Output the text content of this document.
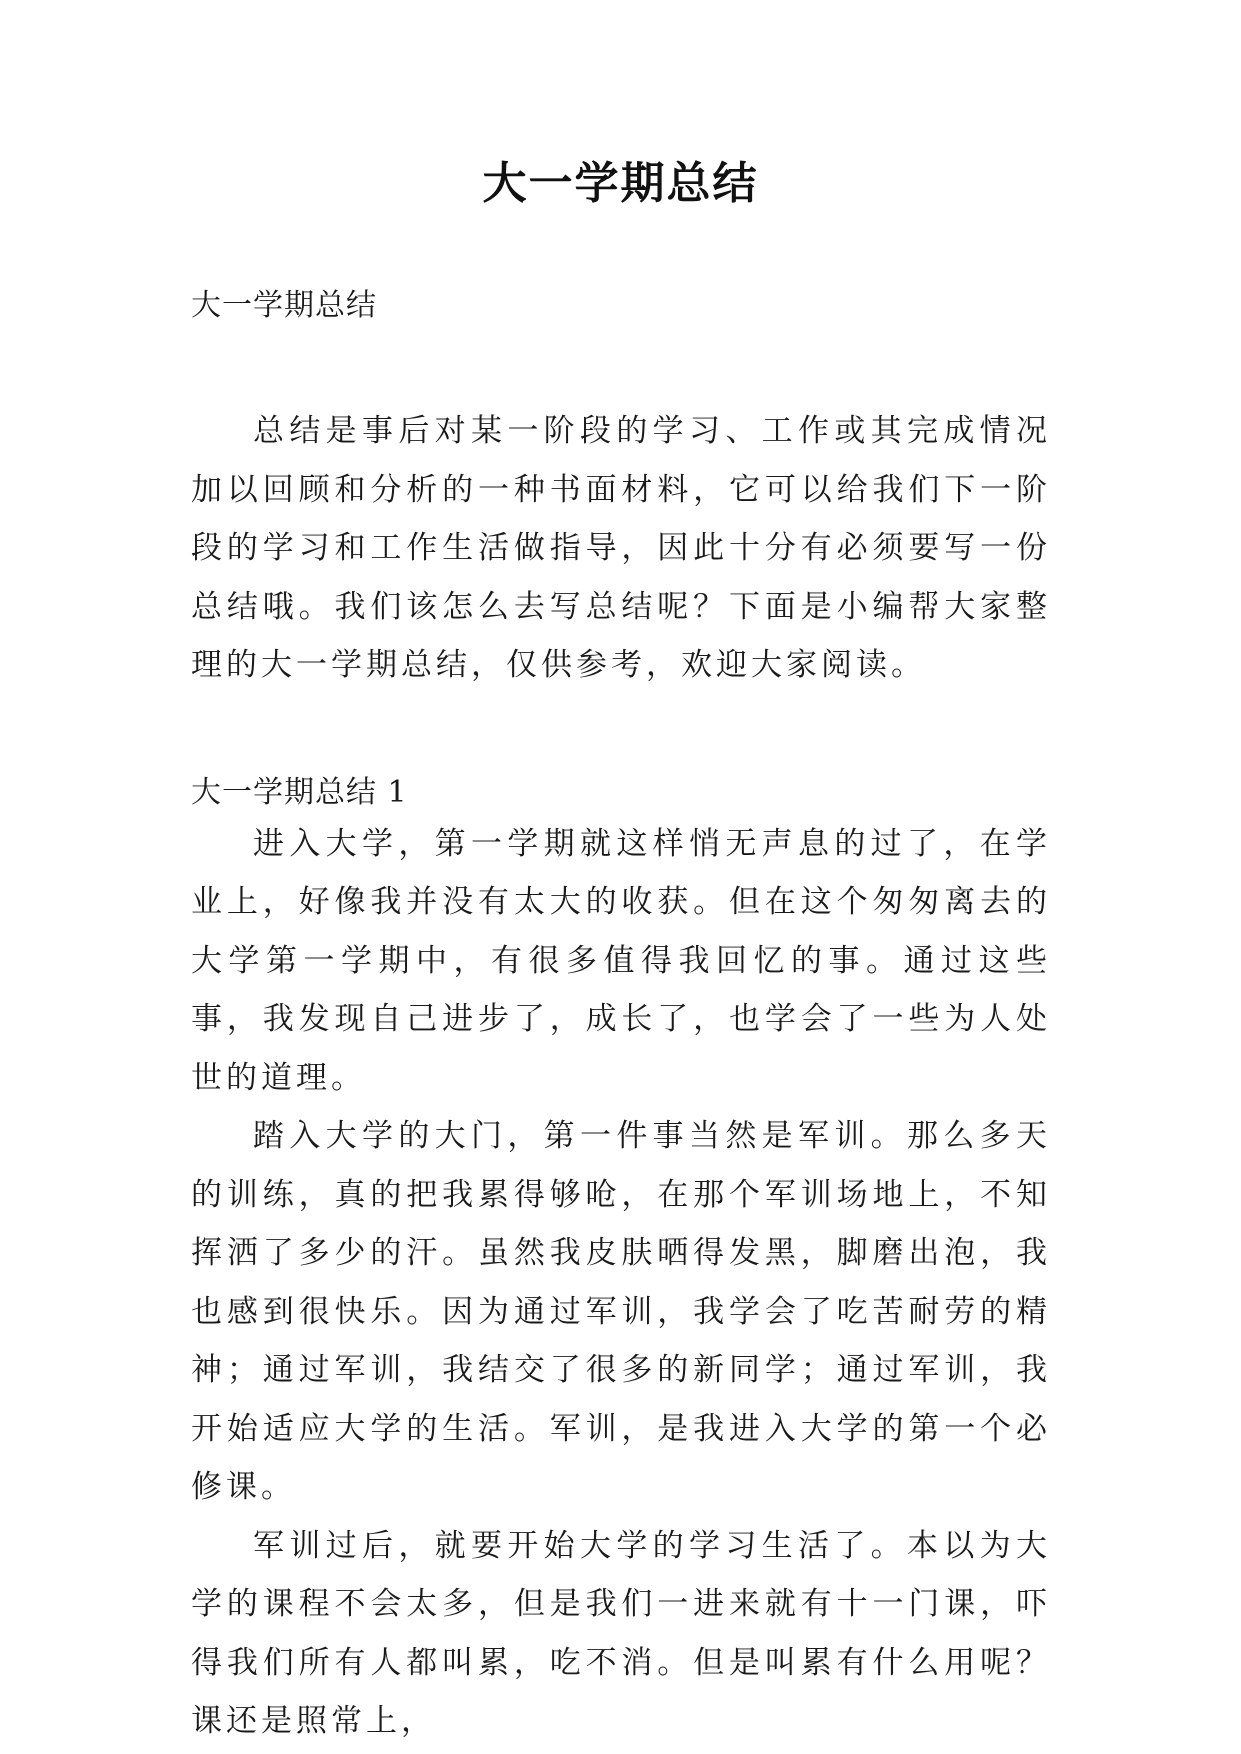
大一学期总结
大一学期总结

总结是事后对某一阶段的学习、工作或其完成情况加以回顾和分析的一种书面材料，它可以给我们下一阶段的学习和工作生活做指导，因此十分有必须要写一份总结哦。我们该怎么去写总结呢？下面是小编帮大家整理的大一学期总结，仅供参考，欢迎大家阅读。

大一学期总结 1

进入大学，第一学期就这样悄无声息的过了，在学业上，好像我并没有太大的收获。但在这个匆匆离去的大学第一学期中，有很多值得我回忆的事。通过这些事，我发现自己进步了，成长了，也学会了一些为人处世的道理。

踏入大学的大门，第一件事当然是军训。那么多天的训练，真的把我累得够呛，在那个军训场地上，不知挥洒了多少的汗。虽然我皮肤晒得发黑，脚磨出泡，我也感到很快乐。因为通过军训，我学会了吃苦耐劳的精神；通过军训，我结交了很多的新同学；通过军训，我开始适应大学的生活。军训，是我进入大学的第一个必修课。

军训过后，就要开始大学的学习生活了。本以为大学的课程不会太多，但是我们一进来就有十一门课，吓得我们所有人都叫累，吃不消。但是叫累有什么用呢？课还是照常上，
